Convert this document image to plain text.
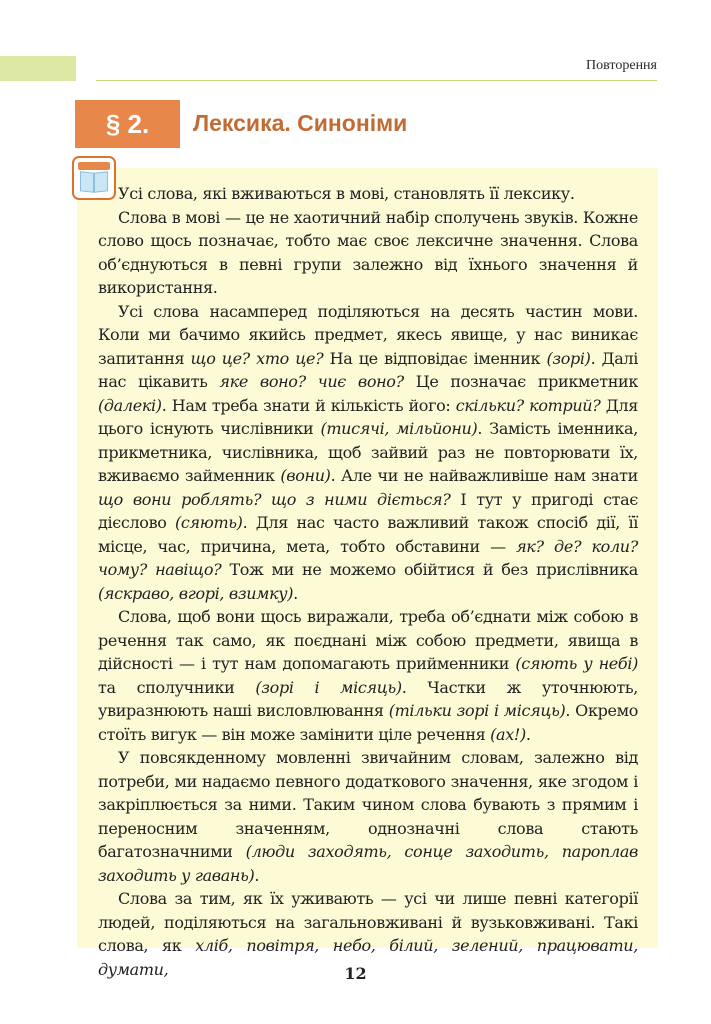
Повторення
§ 2.	Лексика. Синоніми

Усі слова, які вживаються в мові, становлять її лексику.

Слова в мові — це не хаотичний набір сполучень звуків. Кожне слово щось позначає, тобто має своє лексичне значення. Слова об’єднуються в певні групи залежно від їхнього значення й використання.

Усі слова насамперед поділяються на десять частин мови. Коли ми бачимо якийсь предмет, якесь явище, у нас виникає запитання що це? хто це? На це відповідає іменник (зорі). Далі нас цікавить яке воно? чиє воно? Це позначає прикметник (далекі). Нам треба знати й кількість його: скільки? котрий? Для цього існують числівники (тисячі, мільйони). Замість іменника, прикметника, числівника, щоб зайвий раз не повторювати їх, вживаємо займенник (вони). Але чи не найважливіше нам знати що вони роблять? що з ними діється? І тут у пригоді стає дієслово (сяють). Для нас часто важливий також спосіб дії, її місце, час, причина, мета, тобто обставини — як? де? коли? чому? навіщо? Тож ми не можемо обійтися й без прислівника (яскраво, вгорі, взимку).

Слова, щоб вони щось виражали, треба об’єднати між собою в речення так само, як поєднані між собою предмети, явища в дійсності — і тут нам допомагають прийменники (сяють у небі) та сполучники (зорі і місяць). Частки ж уточнюють, увиразнюють наші висловлювання (тільки зорі і місяць). Окремо стоїть вигук — він може замінити ціле речення (ах!).

У повсякденному мовленні звичайним словам, залежно від потреби, ми надаємо певного додаткового значення, яке згодом і закріплюється за ними. Таким чином слова бувають з прямим і переносним значенням, однозначні слова стають багатозначними (люди заходять, сонце заходить, пароплав заходить у гавань).

Слова за тим, як їх уживають — усі чи лише певні категорії людей, поділяються на загальновживані й вузьковживані. Такі слова, як хліб, повітря, небо, білий, зелений, працювати, думати,	12
